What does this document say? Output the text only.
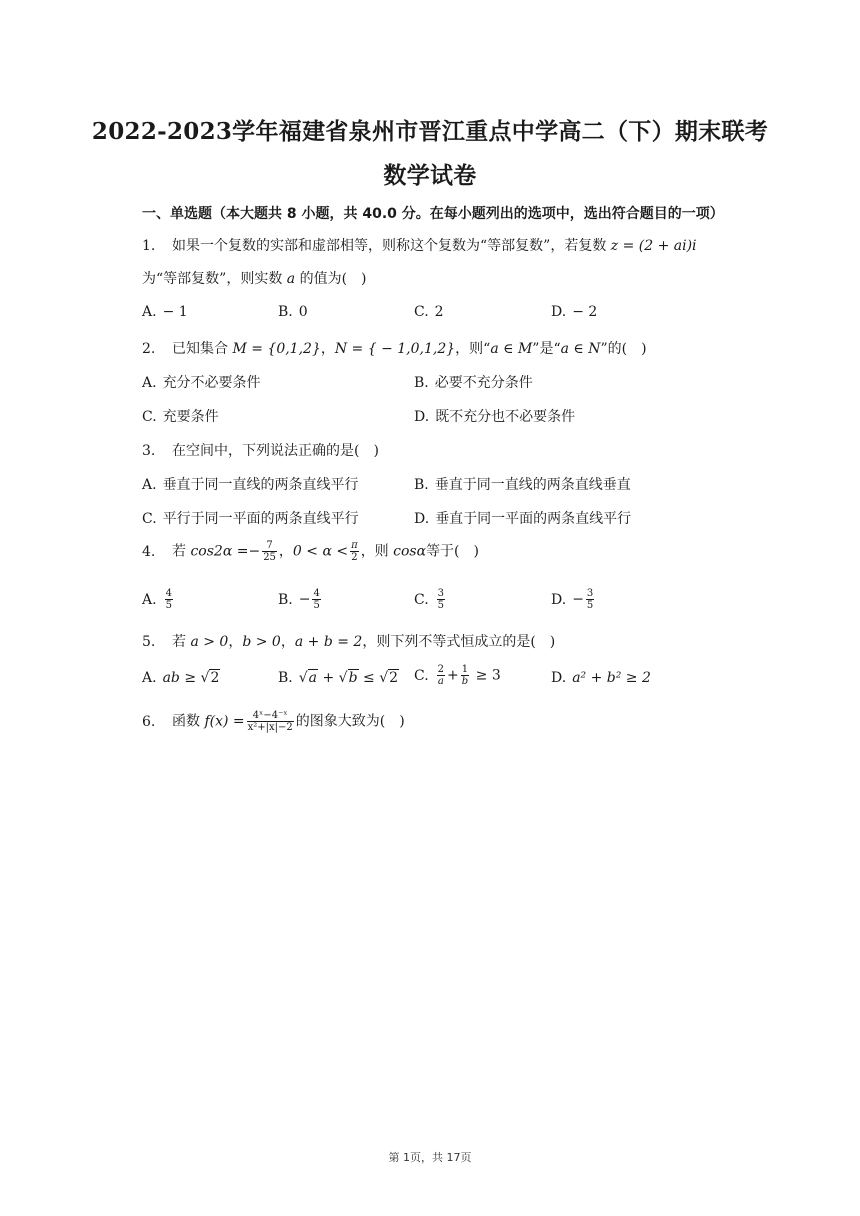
2022-2023学年福建省泉州市晋江重点中学高二（下）期末联考
数学试卷
一、单选题（本大题共 8 小题，共 40.0 分。在每小题列出的选项中，选出符合题目的一项）
1. 如果一个复数的实部和虚部相等，则称这个复数为“等部复数”，若复数 z = (2 + ai)i
为“等部复数”，则实数 a 的值为(　)
A. − 1	B. 0	C. 2	D. − 2
2. 已知集合 M = {0,1,2}，N = { − 1,0,1,2}，则“a ∈ M”是“a ∈ N”的(　)
A. 充分不必要条件	B. 必要不充分条件
C. 充要条件	D. 既不充分也不必要条件
3. 在空间中，下列说法正确的是(　)
A. 垂直于同一直线的两条直线平行	B. 垂直于同一直线的两条直线垂直
C. 平行于同一平面的两条直线平行	D. 垂直于同一平面的两条直线平行
4. 若 $\cos 2\alpha =- \frac{7}{25}$ ，$0 < \alpha < \frac{\pi}{2}$ ，则 cosα等于(　)
A. $\frac{4}{5}$	B. − $\frac{4}{5}$	C. $\frac{3}{5}$	D. − $\frac{3}{5}$
5. 若 a > 0，b > 0，a + b = 2，则下列不等式恒成立的是(　)
A. ab ≥ √2	B. √a + √b ≤ √2 C. $\frac{2}{a} + \frac{1}{b} \ge 3$	D. a² + b² ≥ 2
6. 函数 $f(x) = \frac{\text{4ˣ−4⁻ˣ}}{\text{x²+|x|−2}}$ 的图象大致为(　)
第 1页，共 17页
